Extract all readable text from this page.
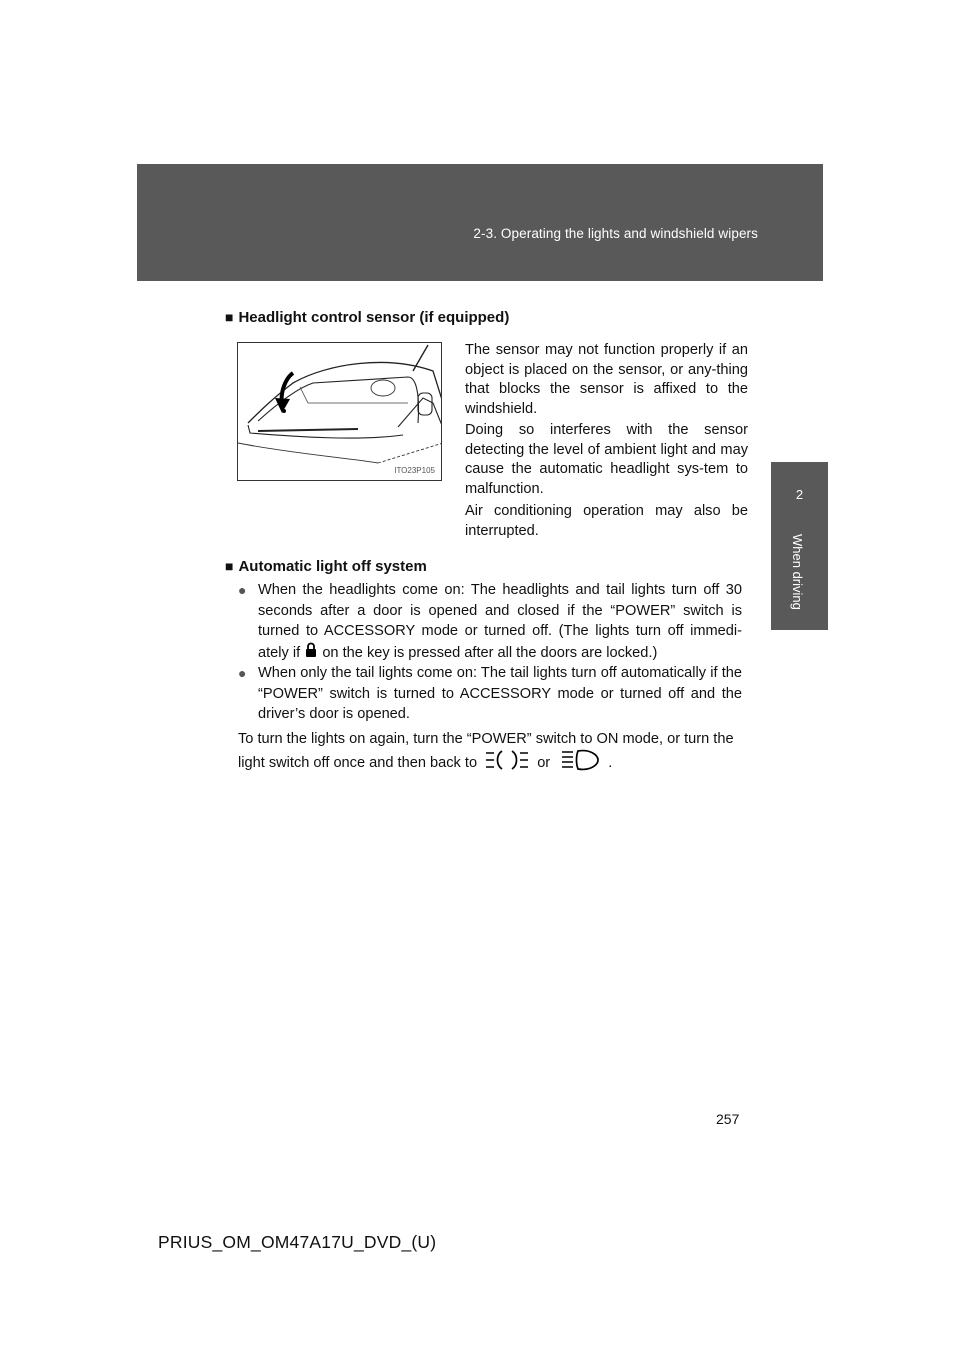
2-3. Operating the lights and windshield wipers
2
When driving
■ Headlight control sensor (if equipped)
ITO23P105
The sensor may not function properly if an object is placed on the sensor, or any-thing that blocks the sensor is affixed to the windshield.
Doing so interferes with the sensor detecting the level of ambient light and may cause the automatic headlight sys-tem to malfunction.
Air conditioning operation may also be interrupted.
■ Automatic light off system
● When the headlights come on: The headlights and tail lights turn off 30 seconds after a door is opened and closed if the “POWER” switch is turned to ACCESSORY mode or turned off. (The lights turn off immedi-ately if on the key is pressed after all the doors are locked.)
● When only the tail lights come on: The tail lights turn off automatically if the “POWER” switch is turned to ACCESSORY mode or turned off and the driver’s door is opened.
To turn the lights on again, turn the “POWER” switch to ON mode, or turn the light switch off once and then back to	or	.
257
PRIUS_OM_OM47A17U_DVD_(U)
